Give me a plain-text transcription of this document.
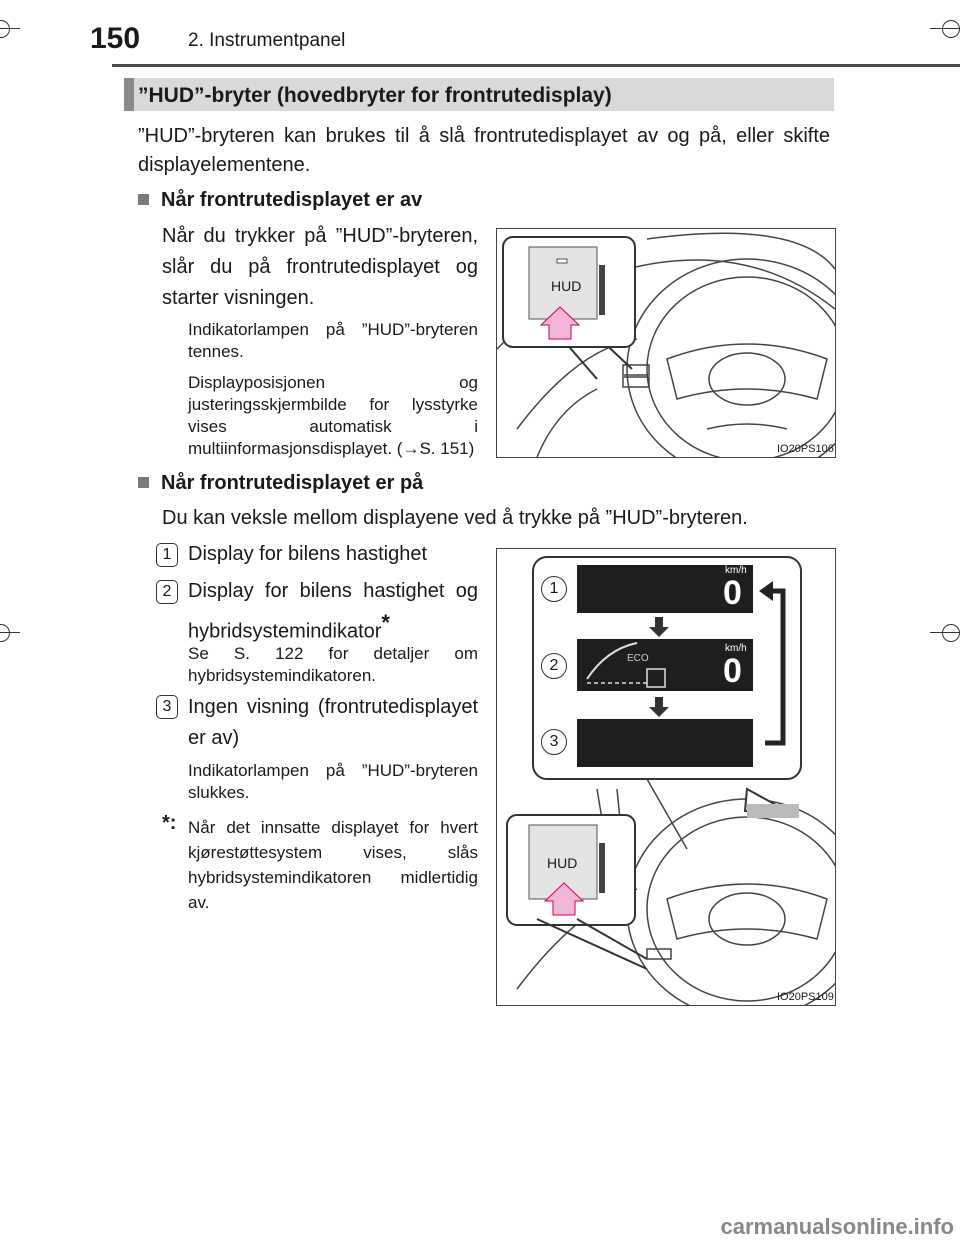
150	2. Instrumentpanel
”HUD”-bryter (hovedbryter for frontrutedisplay)
”HUD”-bryteren kan brukes til å slå frontrutedisplayet av og på, eller skifte displayelementene.
Når frontrutedisplayet er av
Når du trykker på ”HUD”-bryteren, slår du på frontrutedisplayet og starter visningen.
Indikatorlampen på ”HUD”-bryteren tennes.
Displayposisjonen og justeringsskjermbilde for lysstyrke vises automatisk i multiinformasjonsdisplayet. (→S. 151)
HUD
IO20PS106
Når frontrutedisplayet er på
Du kan veksle mellom displayene ved å trykke på ”HUD”-bryteren.
1 Display for bilens hastighet
2 Display for bilens hastighet og hybridsystemindikator*
Se S. 122 for detaljer om hybridsystemindikatoren.
3 Ingen visning (frontrutedisplayet er av)
Indikatorlampen på ”HUD”-bryteren slukkes.
*: Når det innsatte displayet for hvert kjørestøttesystem vises, slås hybridsystemindikatoren midlertidig av.
1
2
3
km/h
0
km/h
0
ECO
HUD
IO20PS109
carmanualsonline.info
